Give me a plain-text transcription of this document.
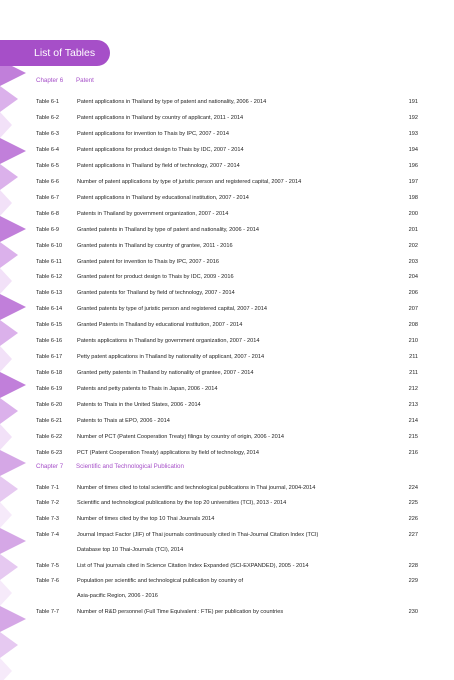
List of Tables
Chapter 6 Patent
Table 6-1	Patent applications in Thailand by type of patent and nationality, 2006 - 2014	191
Table 6-2	Patent applications in Thailand by country of applicant, 2011 - 2014	192
Table 6-3	Patent applications for invention to Thais by IPC, 2007 - 2014	193
Table 6-4	Patent applications for product design to Thais by IDC, 2007 - 2014	194
Table 6-5	Patent applications in Thailand by field of technology, 2007 - 2014	196
Table 6-6	Number of patent applications by type of juristic person and registered capital, 2007 - 2014	197
Table 6-7	Patent applications in Thailand by educational institution, 2007 - 2014	198
Table 6-8	Patents in Thailand by government organization, 2007 - 2014	200
Table 6-9	Granted patents in Thailand by type of patent and nationality, 2006 - 2014	201
Table 6-10	Granted patents in Thailand by country of grantee, 2011 - 2016	202
Table 6-11	Granted patent for invention to Thais by IPC, 2007 - 2016	203
Table 6-12	Granted patent for product design to Thais by IDC, 2009 - 2016	204
Table 6-13	Granted patents for Thailand by field of technology, 2007 - 2014	206
Table 6-14	Granted patents by type of juristic person and registered capital, 2007 - 2014	207
Table 6-15	Granted Patents in Thailand by educational institution, 2007 - 2014	208
Table 6-16	Patents applications in Thailand by government organization, 2007 - 2014	210
Table 6-17	Petty patent applications in Thailand by nationality of applicant, 2007 - 2014	211
Table 6-18	Granted petty patents in Thailand by nationality of grantee, 2007 - 2014	211
Table 6-19	Patents and petty patents to Thais in Japan, 2006 - 2014	212
Table 6-20	Patents to Thais in the United States, 2006 - 2014	213
Table 6-21	Patents to Thais at EPO, 2006 - 2014	214
Table 6-22	Number of PCT (Patent Cooperation Treaty) filings by country of origin, 2006 - 2014	215
Table 6-23	PCT (Patent Cooperation Treaty) applications by field of technology, 2014	216
Chapter 7 Scientific and Technological Publication
Table 7-1	Number of times cited to total scientific and technological publications in Thai journal, 2004-2014	224
Table 7-2	Scientific and technological publications by the top 20 universities (TCI), 2013 - 2014	225
Table 7-3	Number of times cited by the top 10 Thai Journals 2014	226
Table 7-4	Journal Impact Factor (JIF) of Thai journals continuously cited in Thai-Journal Citation Index (TCI)	227
Database top 10 Thai-Journals (TCI), 2014
Table 7-5	List of Thai journals cited in Science Citation Index Expanded (SCI-EXPANDED), 2005 - 2014	228
Table 7-6	Population per scientific and technological publication by country of	229
Asia-pacific Region, 2006 - 2016
Table 7-7	Number of R&D personnel (Full Time Equivalent : FTE) per publication by countries	230
